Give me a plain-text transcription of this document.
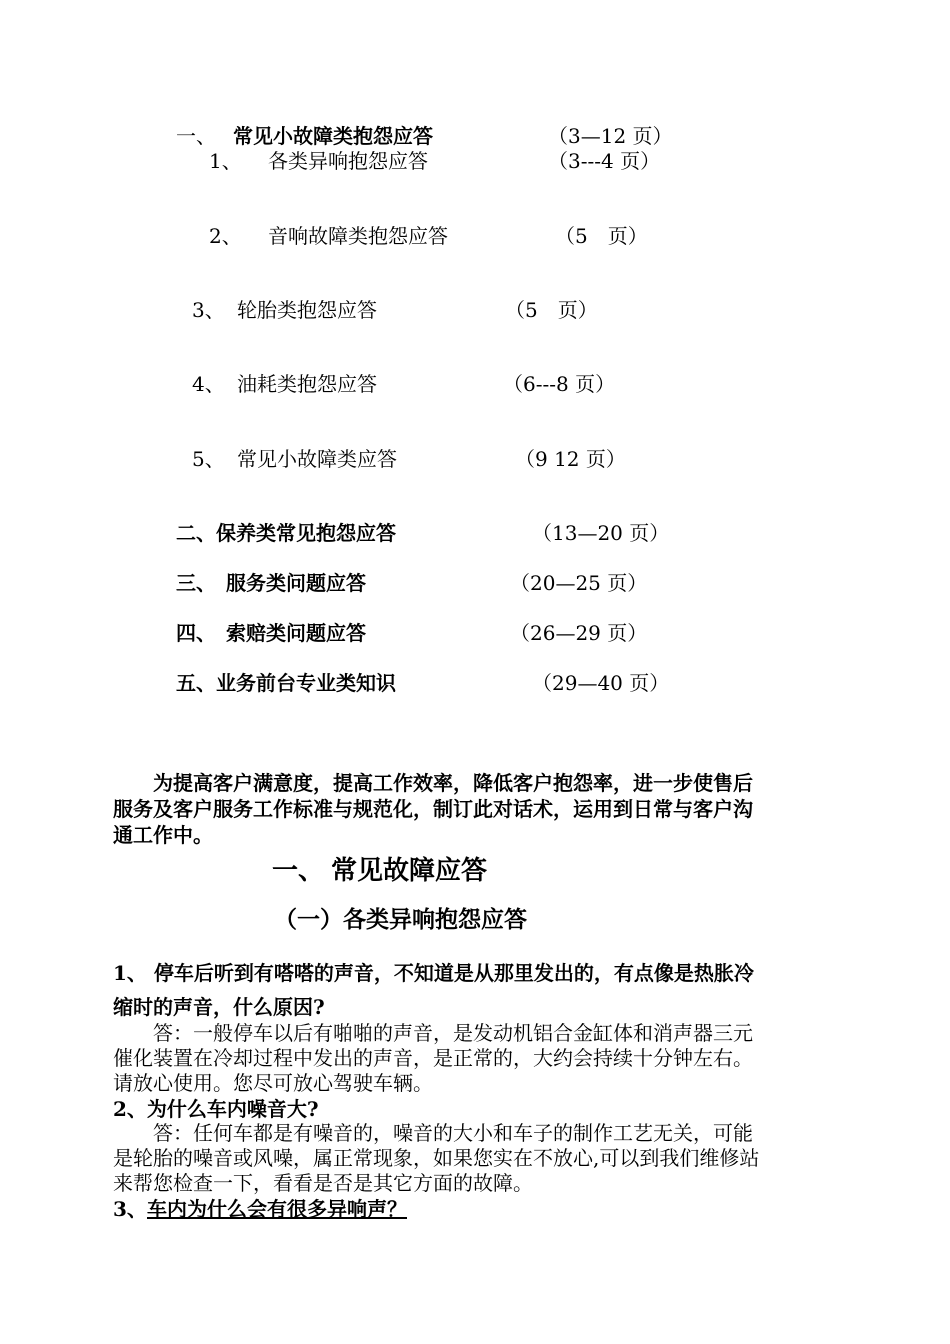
一、 常见小故障类抱怨应答	（3—12 页）
1、 各类异响抱怨应答	（3---4 页）
2、 音响故障类抱怨应答	（5　页）
3、 轮胎类抱怨应答	（5　页）
4、 油耗类抱怨应答	（6---8 页）
5、 常见小故障类应答	（9 12 页）
二、保养类常见抱怨应答	（13—20 页）
三、 服务类问题应答	（20—25 页）
四、 索赔类问题应答	（26—29 页）
五、业务前台专业类知识	（29—40 页）
　　为提高客户满意度，提高工作效率，降低客户抱怨率，进一步使售后
服务及客户服务工作标准与规范化，制订此对话术，运用到日常与客户沟
通工作中。
一、 常见故障应答
（一）各类异响抱怨应答
1、 停车后听到有嗒嗒的声音，不知道是从那里发出的，有点像是热胀冷
缩时的声音，什么原因?
　　答：一般停车以后有啪啪的声音，是发动机铝合金缸体和消声器三元
催化装置在冷却过程中发出的声音，是正常的，大约会持续十分钟左右。
请放心使用。您尽可放心驾驶车辆。
2、为什么车内噪音大?
　　答：任何车都是有噪音的，噪音的大小和车子的制作工艺无关，可能
是轮胎的噪音或风噪，属正常现象，如果您实在不放心,可以到我们维修站
来帮您检查一下，看看是否是其它方面的故障。
3、 车内为什么会有很多异响声？
